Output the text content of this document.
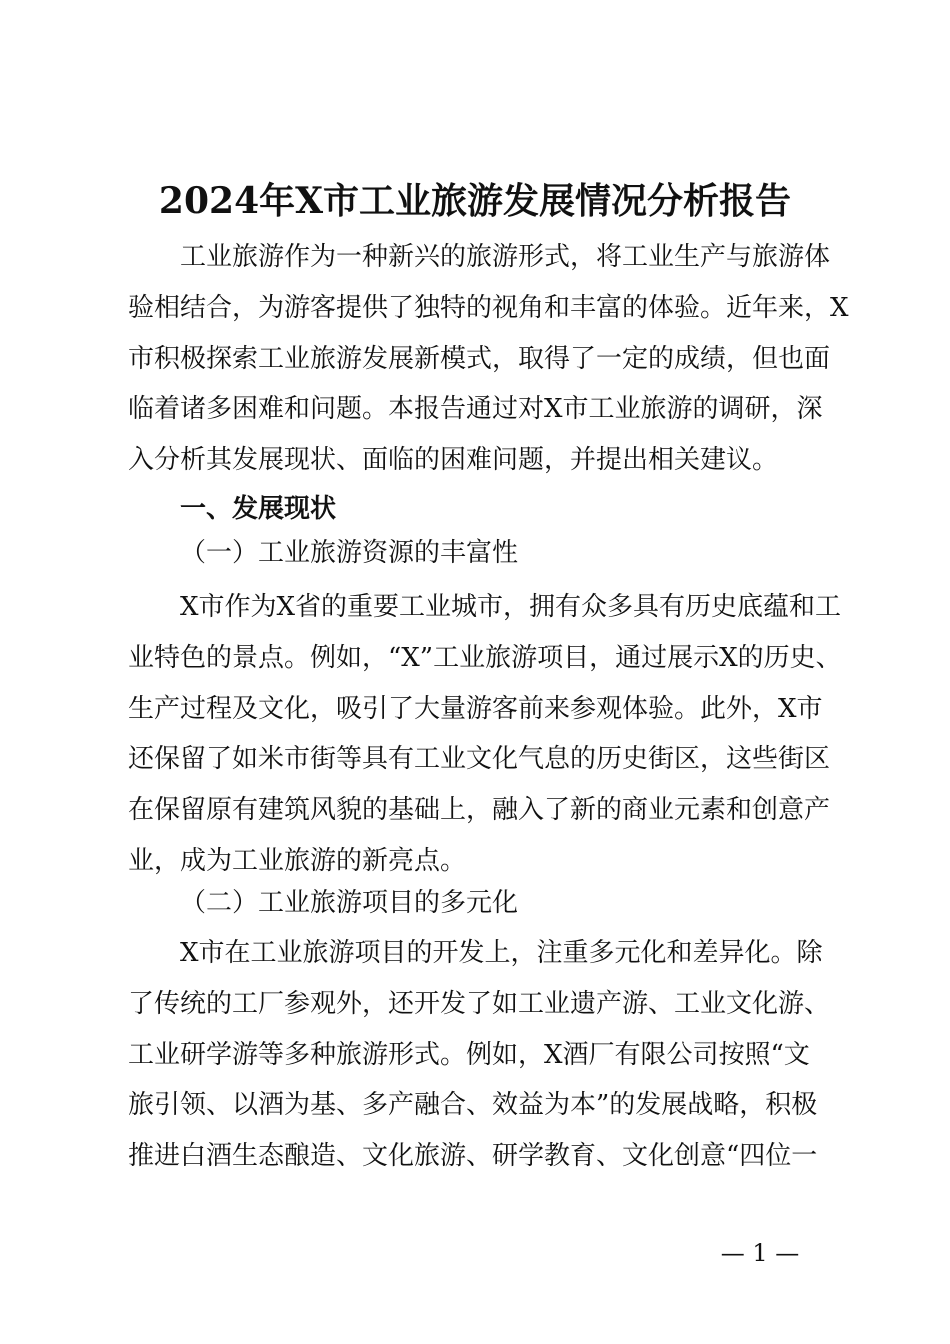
2024年X市工业旅游发展情况分析报告
工业旅游作为一种新兴的旅游形式，将工业生产与旅游体
验相结合，为游客提供了独特的视角和丰富的体验。近年来，X
市积极探索工业旅游发展新模式，取得了一定的成绩，但也面
临着诸多困难和问题。本报告通过对X市工业旅游的调研，深
入分析其发展现状、面临的困难问题，并提出相关建议。
一、发展现状
（一）工业旅游资源的丰富性
X市作为X省的重要工业城市，拥有众多具有历史底蕴和工
业特色的景点。例如，“X”工业旅游项目，通过展示X的历史、
生产过程及文化，吸引了大量游客前来参观体验。此外，X市
还保留了如米市街等具有工业文化气息的历史街区，这些街区
在保留原有建筑风貌的基础上，融入了新的商业元素和创意产
业，成为工业旅游的新亮点。
（二）工业旅游项目的多元化
X市在工业旅游项目的开发上，注重多元化和差异化。除
了传统的工厂参观外，还开发了如工业遗产游、工业文化游、
工业研学游等多种旅游形式。例如，X酒厂有限公司按照“文
旅引领、以酒为基、多产融合、效益为本”的发展战略，积极
推进白酒生态酿造、文化旅游、研学教育、文化创意“四位一
— 1 —
